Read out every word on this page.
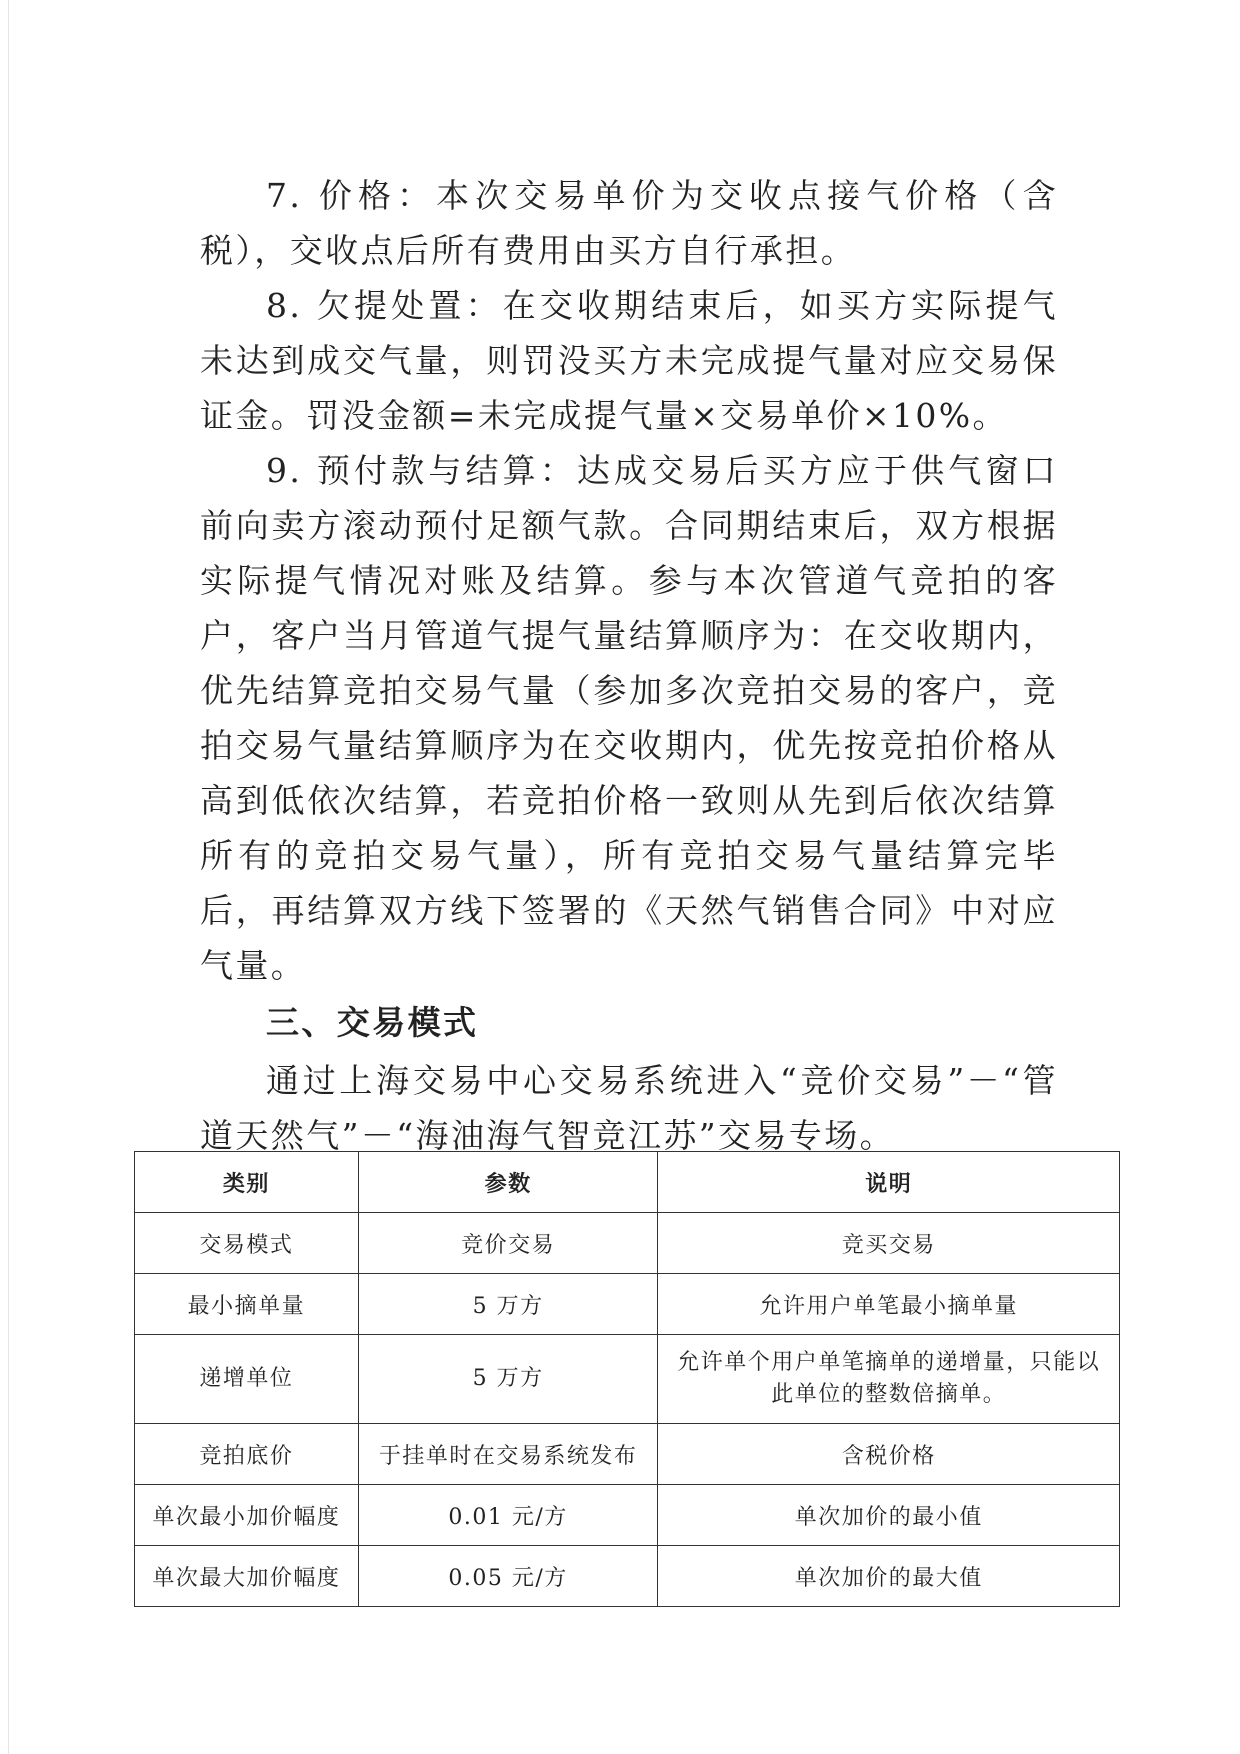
7. 价格：本次交易单价为交收点接气价格（含税），交收点后所有费用由买方自行承担。

8. 欠提处置：在交收期结束后，如买方实际提气未达到成交气量，则罚没买方未完成提气量对应交易保证金。罚没金额=未完成提气量×交易单价×10%。

9. 预付款与结算：达成交易后买方应于供气窗口前向卖方滚动预付足额气款。合同期结束后，双方根据实际提气情况对账及结算。参与本次管道气竞拍的客户，客户当月管道气提气量结算顺序为：在交收期内，优先结算竞拍交易气量（参加多次竞拍交易的客户，竞拍交易气量结算顺序为在交收期内，优先按竞拍价格从高到低依次结算，若竞拍价格一致则从先到后依次结算所有的竞拍交易气量），所有竞拍交易气量结算完毕后，再结算双方线下签署的《天然气销售合同》中对应气量。

三、交易模式

通过上海交易中心交易系统进入“竞价交易”－“管道天然气”－“海油海气智竞江苏”交易专场。

类别	参数	说明
交易模式	竞价交易	竞买交易
最小摘单量	5 万方	允许用户单笔最小摘单量
递增单位	5 万方	允许单个用户单笔摘单的递增量，只能以此单位的整数倍摘单。
竞拍底价	于挂单时在交易系统发布	含税价格
单次最小加价幅度	0.01 元/方	单次加价的最小值
单次最大加价幅度	0.05 元/方	单次加价的最大值
